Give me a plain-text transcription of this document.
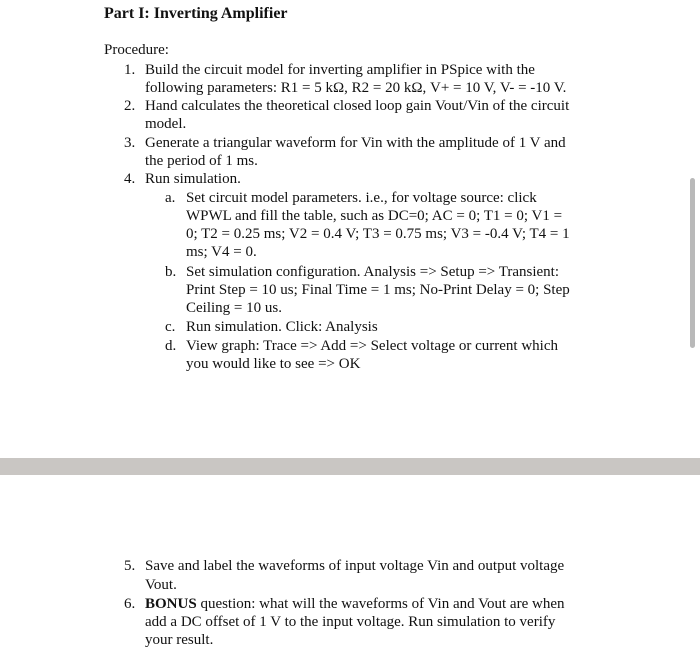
Part I: Inverting Amplifier
Procedure:
1. Build the circuit model for inverting amplifier in PSpice with the
following parameters: R1 = 5 kΩ, R2 = 20 kΩ, V+ = 10 V, V- = -10 V.
2. Hand calculates the theoretical closed loop gain Vout/Vin of the circuit
model.
3. Generate a triangular waveform for Vin with the amplitude of 1 V and
the period of 1 ms.
4. Run simulation.
a. Set circuit model parameters. i.e., for voltage source: click
WPWL and fill the table, such as DC=0; AC = 0; T1 = 0; V1 =
0; T2 = 0.25 ms; V2 = 0.4 V; T3 = 0.75 ms; V3 = -0.4 V; T4 = 1
ms; V4 = 0.
b. Set simulation configuration. Analysis => Setup => Transient:
Print Step = 10 us; Final Time = 1 ms; No-Print Delay = 0; Step
Ceiling = 10 us.
c. Run simulation. Click: Analysis
d. View graph: Trace => Add => Select voltage or current which
you would like to see => OK
5. Save and label the waveforms of input voltage Vin and output voltage
Vout.
6. BONUS question: what will the waveforms of Vin and Vout are when
add a DC offset of 1 V to the input voltage. Run simulation to verify
your result.
